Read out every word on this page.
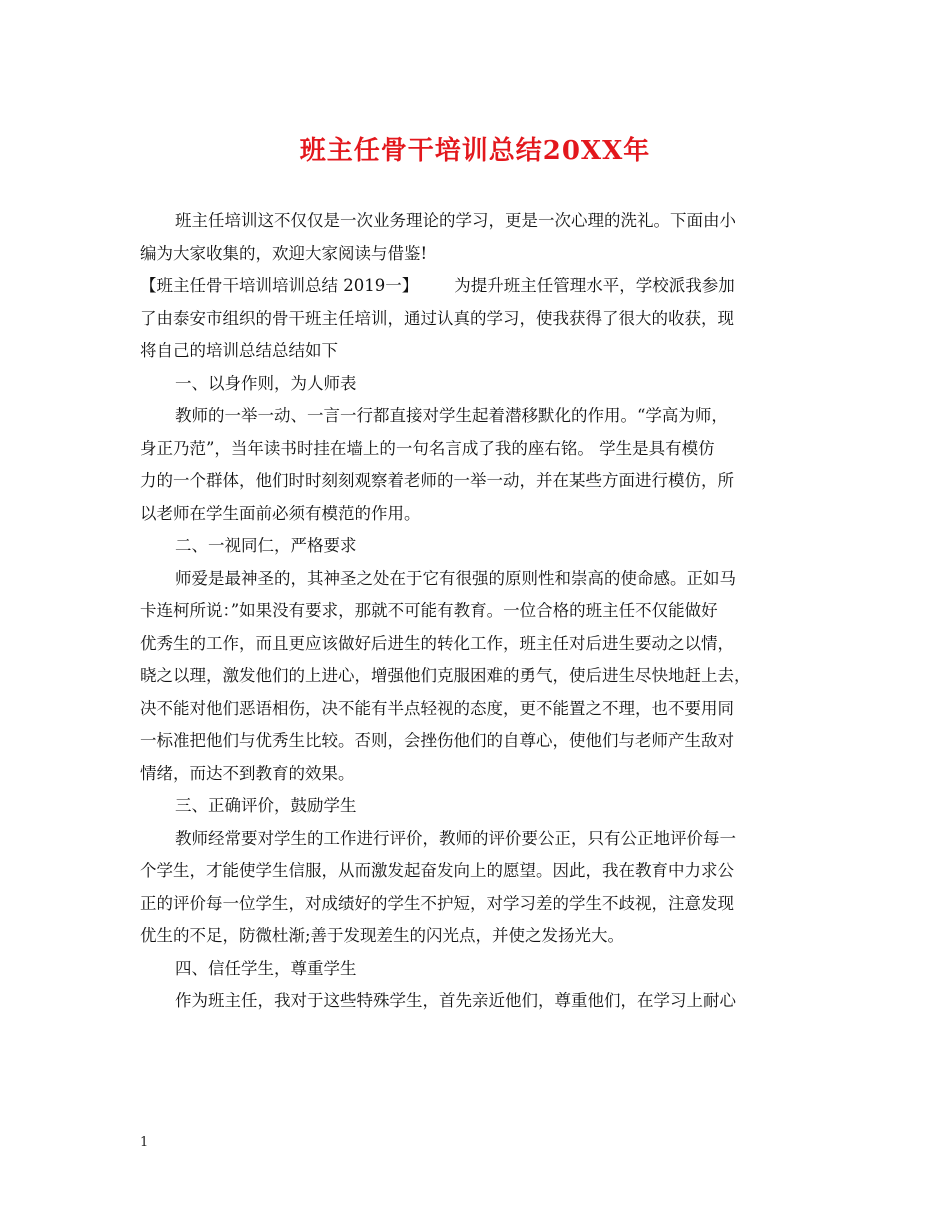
班主任骨干培训总结20XX年
班主任培训这不仅仅是一次业务理论的学习，更是一次心理的洗礼。下面由小
编为大家收集的，欢迎大家阅读与借鉴!
【班主任骨干培训培训总结 2019一】 为提升班主任管理水平，学校派我参加
了由泰安市组织的骨干班主任培训，通过认真的学习，使我获得了很大的收获，现
将自己的培训总结总结如下
一、以身作则，为人师表
教师的一举一动、一言一行都直接对学生起着潜移默化的作用。“学高为师，
身正乃范”，当年读书时挂在墙上的一句名言成了我的座右铭。 学生是具有模仿
力的一个群体，他们时时刻刻观察着老师的一举一动，并在某些方面进行模仿，所
以老师在学生面前必须有模范的作用。
二、一视同仁，严格要求
师爱是最神圣的，其神圣之处在于它有很强的原则性和崇高的使命感。正如马
卡连柯所说：”如果没有要求，那就不可能有教育。一位合格的班主任不仅能做好
优秀生的工作，而且更应该做好后进生的转化工作，班主任对后进生要动之以情，
晓之以理，激发他们的上进心，增强他们克服困难的勇气，使后进生尽快地赶上去，
决不能对他们恶语相伤，决不能有半点轻视的态度，更不能置之不理，也不要用同
一标准把他们与优秀生比较。否则，会挫伤他们的自尊心，使他们与老师产生敌对
情绪，而达不到教育的效果。
三、正确评价，鼓励学生
教师经常要对学生的工作进行评价，教师的评价要公正，只有公正地评价每一
个学生，才能使学生信服，从而激发起奋发向上的愿望。因此，我在教育中力求公
正的评价每一位学生，对成绩好的学生不护短，对学习差的学生不歧视，注意发现
优生的不足，防微杜渐;善于发现差生的闪光点，并使之发扬光大。
四、信任学生，尊重学生
作为班主任，我对于这些特殊学生，首先亲近他们，尊重他们，在学习上耐心
1
